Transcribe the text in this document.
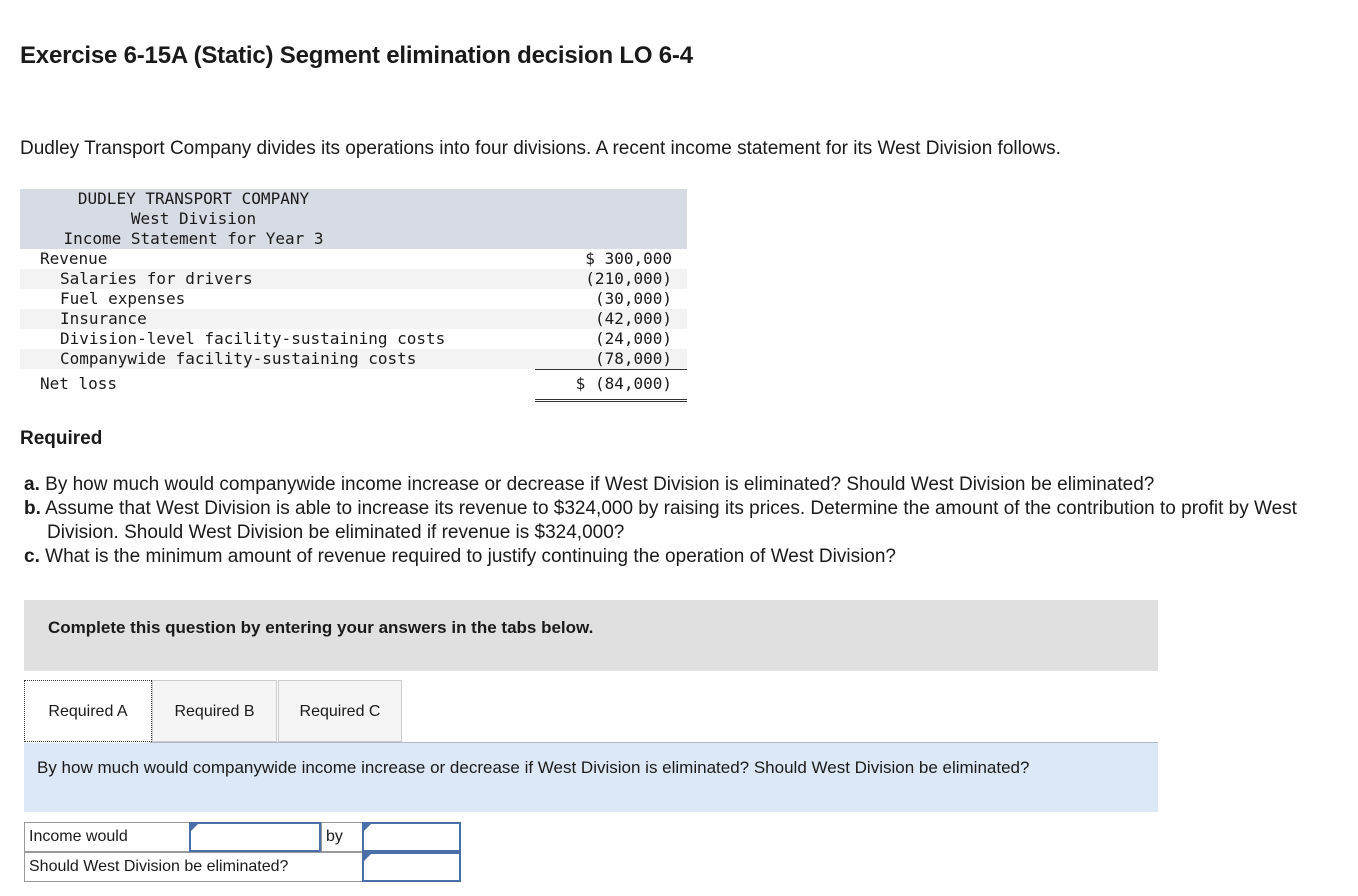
Exercise 6-15A (Static) Segment elimination decision LO 6-4

Dudley Transport Company divides its operations into four divisions. A recent income statement for its West Division follows.

DUDLEY TRANSPORT COMPANY
West Division
Income Statement for Year 3
Revenue	$ 300,000
Salaries for drivers	(210,000)
Fuel expenses	(30,000)
Insurance	(42,000)
Division-level facility-sustaining costs	(24,000)
Companywide facility-sustaining costs	(78,000)
Net loss	$ (84,000)
Required
a. By how much would companywide income increase or decrease if West Division is eliminated? Should West Division be eliminated?
b. Assume that West Division is able to increase its revenue to $324,000 by raising its prices. Determine the amount of the contribution to profit by West Division. Should West Division be eliminated if revenue is $324,000?
c. What is the minimum amount of revenue required to justify continuing the operation of West Division?
Complete this question by entering your answers in the tabs below.
Required A	Required B	Required C

By how much would companywide income increase or decrease if West Division is eliminated? Should West Division be eliminated?

Income would	by
Should West Division be eliminated?
